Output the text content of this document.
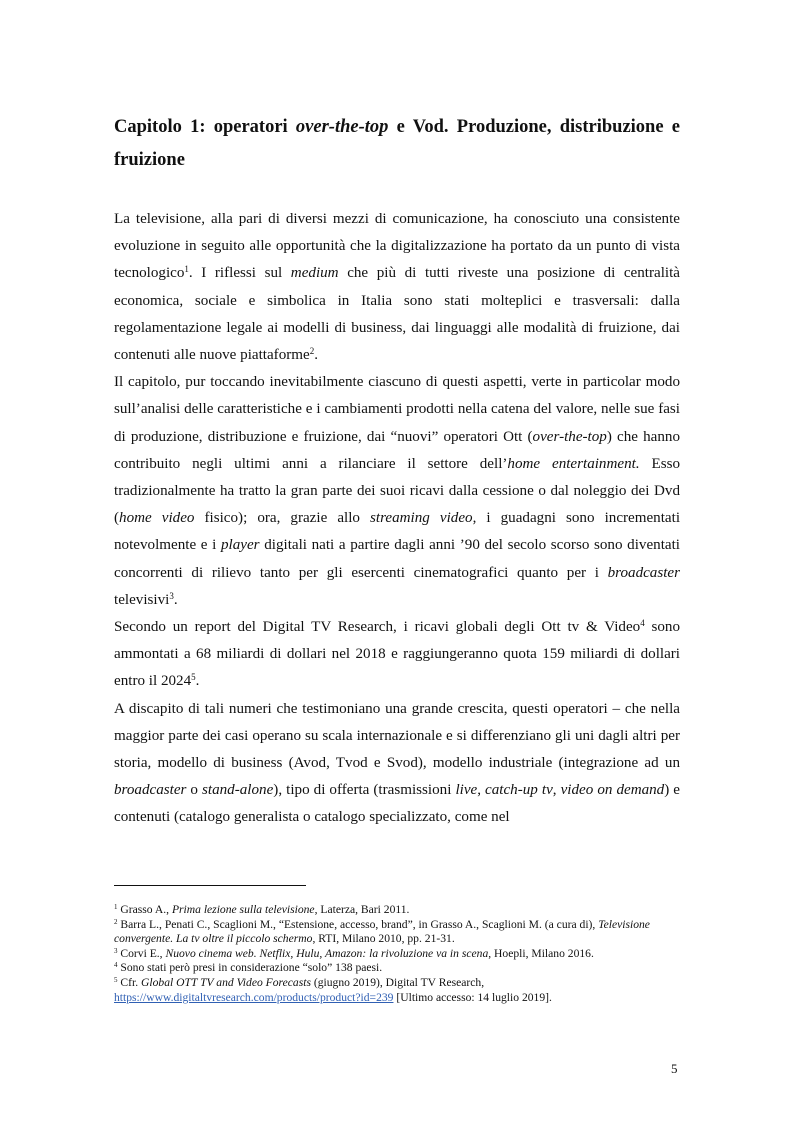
Capitolo 1: operatori over-the-top e Vod. Produzione, distribuzione e
fruizione

La televisione, alla pari di diversi mezzi di comunicazione, ha conosciuto una consistente evoluzione in seguito alle opportunità che la digitalizzazione ha portato da un punto di vista tecnologico$^1$. I riflessi sul medium che più di tutti riveste una posizione di centralità economica, sociale e simbolica in Italia sono stati molteplici e trasversali: dalla regolamentazione legale ai modelli di business, dai linguaggi alle modalità di fruizione, dai contenuti alle nuove piattaforme$^2$.

Il capitolo, pur toccando inevitabilmente ciascuno di questi aspetti, verte in particolar modo sull’analisi delle caratteristiche e i cambiamenti prodotti nella catena del valore, nelle sue fasi di produzione, distribuzione e fruizione, dai “nuovi” operatori Ott (over-the-top) che hanno contribuito negli ultimi anni a rilanciare il settore dell’home entertainment. Esso tradizionalmente ha tratto la gran parte dei suoi ricavi dalla cessione o dal noleggio dei Dvd (home video fisico); ora, grazie allo streaming video, i guadagni sono incrementati notevolmente e i player digitali nati a partire dagli anni ’90 del secolo scorso sono diventati concorrenti di rilievo tanto per gli esercenti cinematografici quanto per i broadcaster televisivi$^3$.

Secondo un report del Digital TV Research, i ricavi globali degli Ott tv & Video$^4$ sono ammontati a 68 miliardi di dollari nel 2018 e raggiungeranno quota 159 miliardi di dollari entro il 2024$^5$.

A discapito di tali numeri che testimoniano una grande crescita, questi operatori – che nella maggior parte dei casi operano su scala internazionale e si differenziano gli uni dagli altri per storia, modello di business (Avod, Tvod e Svod), modello industriale (integrazione ad un broadcaster o stand-alone), tipo di offerta (trasmissioni live, catch-up tv, video on demand) e contenuti (catalogo generalista o catalogo specializzato, come nel

$^1$ Grasso A., Prima lezione sulla televisione, Laterza, Bari 2011.
$^2$ Barra L., Penati C., Scaglioni M., “Estensione, accesso, brand”, in Grasso A., Scaglioni M. (a cura di), Televisione convergente. La tv oltre il piccolo schermo, RTI, Milano 2010, pp. 21-31.
$^3$ Corvi E., Nuovo cinema web. Netflix, Hulu, Amazon: la rivoluzione va in scena, Hoepli, Milano 2016.
$^4$ Sono stati però presi in considerazione “solo” 138 paesi.
$^5$ Cfr. Global OTT TV and Video Forecasts (giugno 2019), Digital TV Research,
https://www.digitaltvresearch.com/products/product?id=239 [Ultimo accesso: 14 luglio 2019].
5
